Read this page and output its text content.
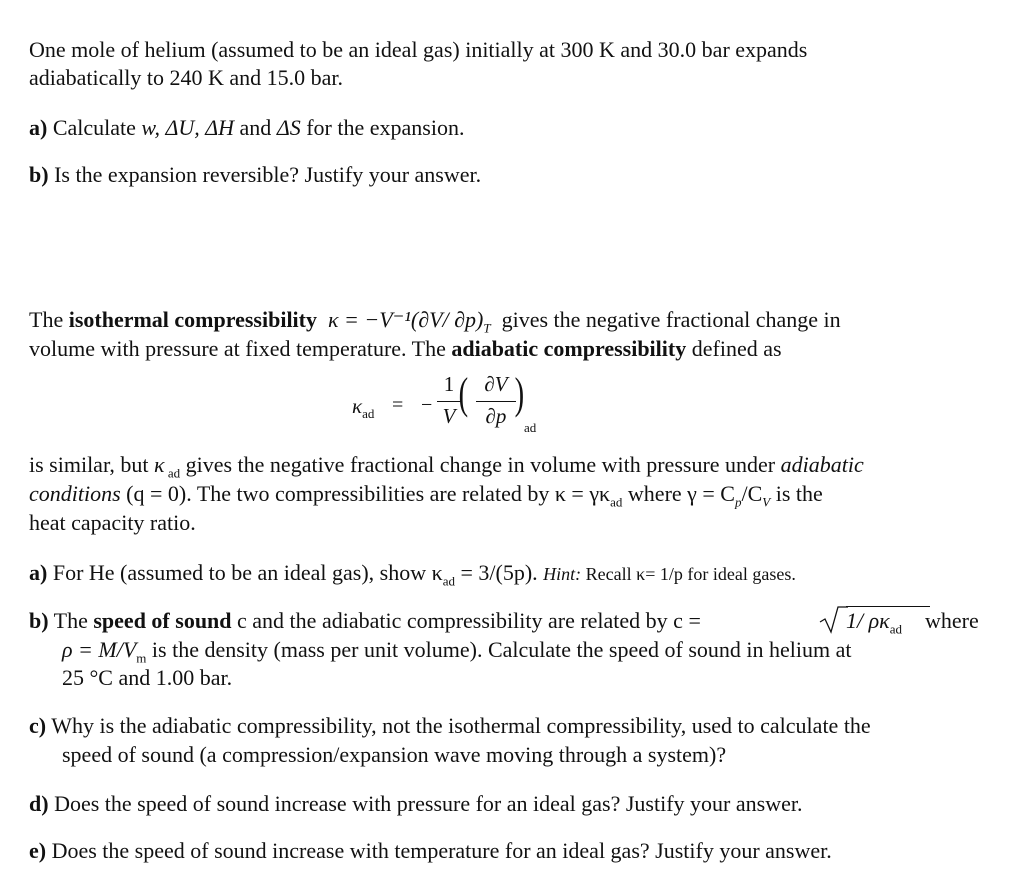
One mole of helium (assumed to be an ideal gas) initially at 300 K and 30.0 bar expands
adiabatically to 240 K and 15.0 bar.
a) Calculate w, ΔU, ΔH and ΔS for the expansion.
b) Is the expansion reversible? Justify your answer.
The isothermal compressibility κ = −V⁻¹(∂V/ $\partial p)_T$ gives the negative fractional change in
volume with pressure at fixed temperature. The adiabatic compressibility defined as
$\kappa_{ad}$ = −
1
V ( ∂V
∂p )
ad
is similar, but κ $_{ad}$ gives the negative fractional change in volume with pressure under adiabatic
conditions (q = 0). The two compressibilities are related by $\kappa = \gamma\kappa_{ad}$ where $\gamma = C_p/C_V$ is the
heat capacity ratio.
a) For He (assumed to be an ideal gas), show $\kappa_{ad} = 3/(5p)$. Hint: Recall κ= 1/p for ideal gases.
b) The speed of sound c and the adiabatic compressibility are related by c =	1/ $\rho\kappa_{ad}$ where
$\rho = M/V_m$ is the density (mass per unit volume). Calculate the speed of sound in helium at
25 °C and 1.00 bar.
c) Why is the adiabatic compressibility, not the isothermal compressibility, used to calculate the
speed of sound (a compression/expansion wave moving through a system)?
d) Does the speed of sound increase with pressure for an ideal gas? Justify your answer.
e) Does the speed of sound increase with temperature for an ideal gas? Justify your answer.
